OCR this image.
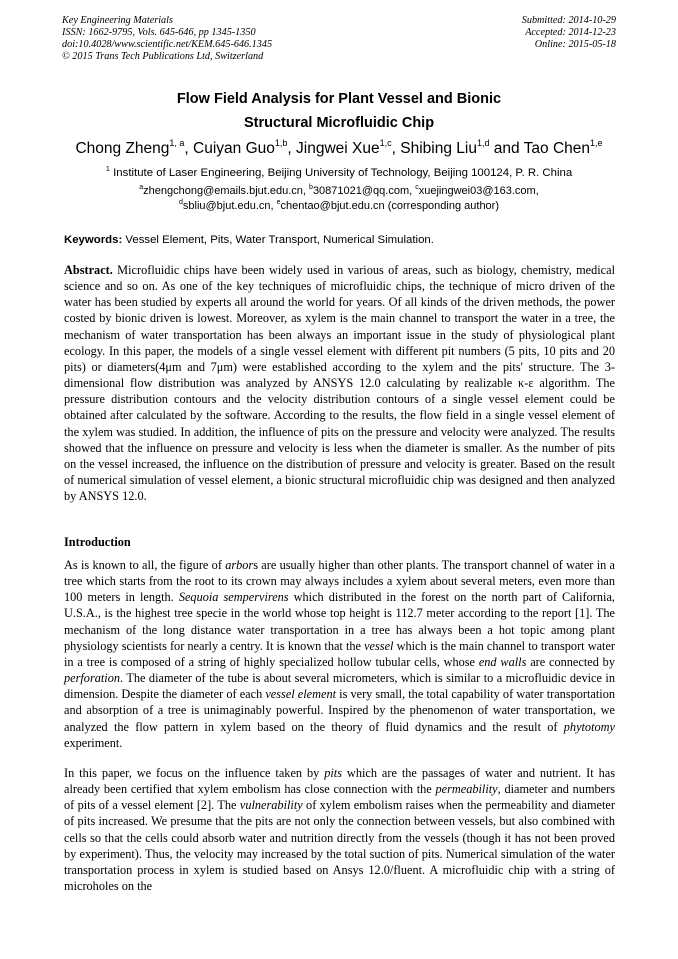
Key Engineering Materials
ISSN: 1662-9795, Vols. 645-646, pp 1345-1350
doi:10.4028/www.scientific.net/KEM.645-646.1345
© 2015 Trans Tech Publications Ltd, Switzerland
Submitted: 2014-10-29
Accepted: 2014-12-23
Online: 2015-05-18
Flow Field Analysis for Plant Vessel and Bionic
Structural Microfluidic Chip
Chong Zheng$^{1, a}$, Cuiyan Guo$^{1,b}$, Jingwei Xue$^{1,c}$, Shibing Liu$^{1,d}$ and Tao Chen$^{1,e}$
$^1$ Institute of Laser Engineering, Beijing University of Technology, Beijing 100124, P. R. China
$^a$zhengchong@emails.bjut.edu.cn, $^b$30871021@qq.com, $^c$xuejingwei03@163.com,
$^d$sbliu@bjut.edu.cn, $^e$chentao@bjut.edu.cn (corresponding author)
Keywords: Vessel Element, Pits, Water Transport, Numerical Simulation.

Abstract. Microfluidic chips have been widely used in various of areas, such as biology, chemistry, medical science and so on. As one of the key techniques of microfluidic chips, the technique of micro driven of the water has been studied by experts all around the world for years. Of all kinds of the driven methods, the power costed by bionic driven is lowest. Moreover, as xylem is the main channel to transport the water in a tree, the mechanism of water transportation has been always an important issue in the study of physiological plant ecology. In this paper, the models of a single vessel element with different pit numbers (5 pits, 10 pits and 20 pits) or diameters(4μm and 7μm) were established according to the xylem and the pits' structure. The 3-dimensional flow distribution was analyzed by ANSYS 12.0 calculating by realizable κ-ε algorithm. The pressure distribution contours and the velocity distribution contours of a single vessel element could be obtained after calculated by the software. According to the results, the flow field in a single vessel element of the xylem was studied. In addition, the influence of pits on the pressure and velocity were analyzed. The results showed that the influence on pressure and velocity is less when the diameter is smaller. As the number of pits on the vessel increased, the influence on the distribution of pressure and velocity is greater. Based on the result of numerical simulation of vessel element, a bionic structural microfluidic chip was designed and then analyzed by ANSYS 12.0.

Introduction

As is known to all, the figure of arbors are usually higher than other plants. The transport channel of water in a tree which starts from the root to its crown may always includes a xylem about several meters, even more than 100 meters in length. Sequoia sempervirens which distributed in the forest on the north part of California, U.S.A., is the highest tree specie in the world whose top height is 112.7 meter according to the report [1]. The mechanism of the long distance water transportation in a tree has always been a hot topic among plant physiology scientists for nearly a centry. It is known that the vessel which is the main channel to transport water in a tree is composed of a string of highly specialized hollow tubular cells, whose end walls are connected by perforation. The diameter of the tube is about several micrometers, which is similar to a microfluidic device in dimension. Despite the diameter of each vessel element is very small, the total capability of water transportation and absorption of a tree is unimaginably powerful. Inspired by the phenomenon of water transportation, we analyzed the flow pattern in xylem based on the theory of fluid dynamics and the result of phytotomy experiment.

In this paper, we focus on the influence taken by pits which are the passages of water and nutrient. It has already been certified that xylem embolism has close connection with the permeability, diameter and numbers of pits of a vessel element [2]. The vulnerability of xylem embolism raises when the permeability and diameter of pits increased. We presume that the pits are not only the connection between vessels, but also combined with cells so that the cells could absorb water and nutrition directly from the vessels (though it has not been proved by experiment). Thus, the velocity may increased by the total suction of pits. Numerical simulation of the water transportation process in xylem is studied based on Ansys 12.0/fluent. A microfluidic chip with a string of microholes on the
